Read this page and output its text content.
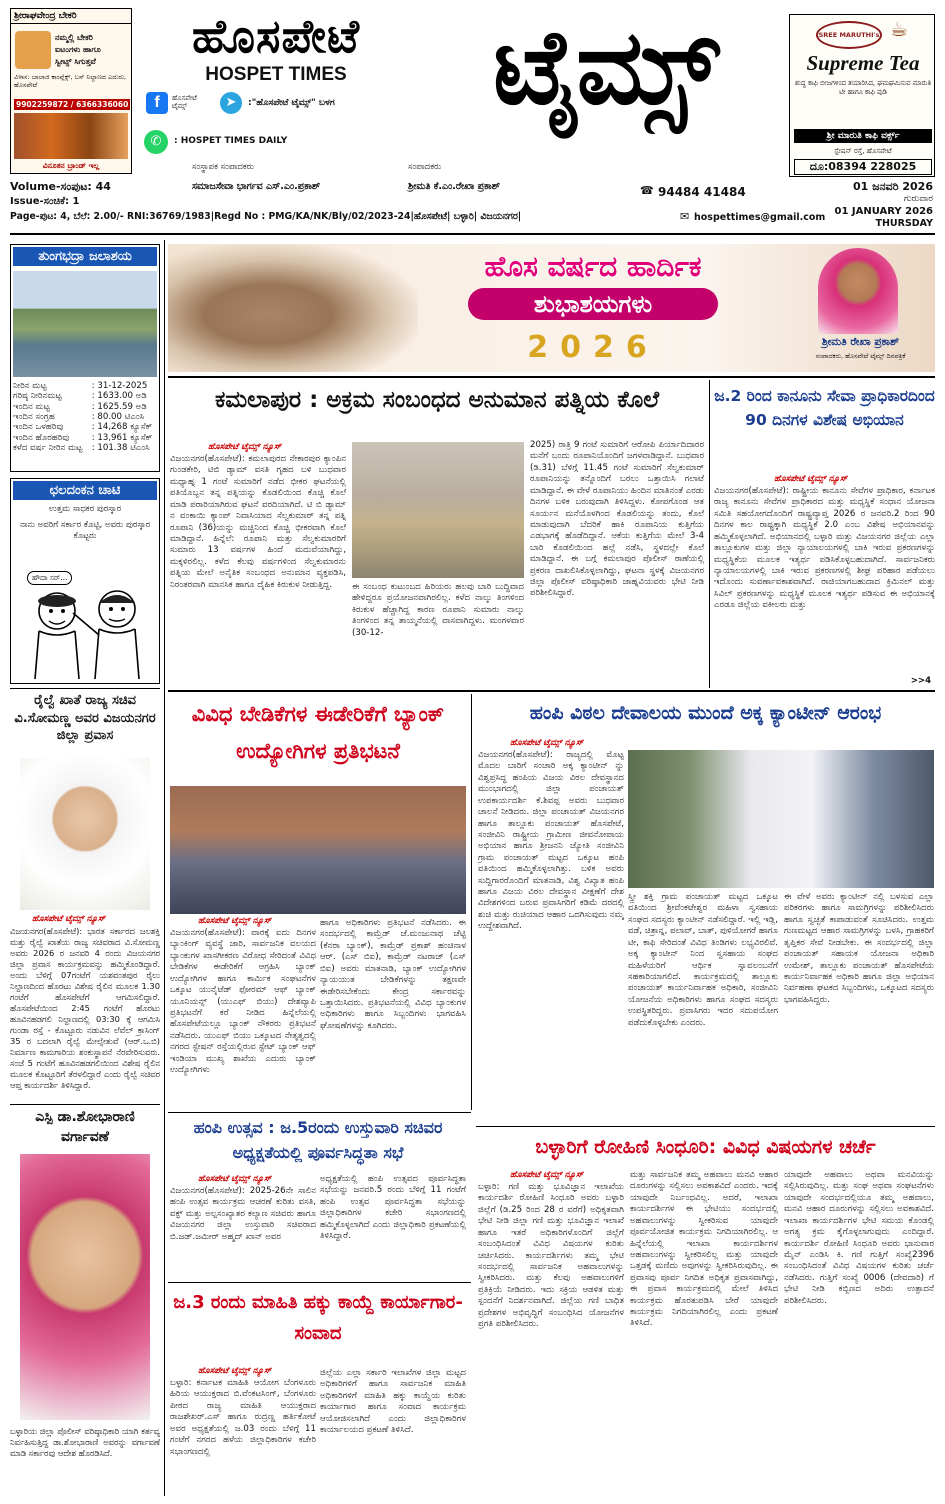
ಶ್ರೀರಾಘವೇಂದ್ರ ಬೇಕರಿ
ನಮ್ಮಲ್ಲಿ ಬೇಕರಿ
ಐಟಂಗಳು ಹಾಗೂ
ಸ್ವೀಟ್ಸ್ ಸಿಗುತ್ತವೆ
ವಿಳಾಸ: ಬಾಲಾಜಿ ಕಾಂಪ್ಲೆಕ್ಸ್, ಬಸ್ ನಿಲ್ದಾಣದ ಎದುರು, ಹೊಸಪೇಟೆ
9902259872 / 6366336060
ವಿನೂತನ ಬ್ರಾಂಡ್ ಇಲ್ಲ
ಹೊಸಪೇಟೆ
HOSPET TIMES	ಟೈಮ್ಸ್
f	ಹೊಸಪೇಟೆ ಟೈಮ್ಸ್	➤	:"ಹೊಸಪೇಟೆ ಟೈಮ್ಸ್" ಬಳಗ
✆	: HOSPET TIMES DAILY
ಸಂಸ್ಥಾಪಕ ಸಂಪಾದಕರು	ಸಂಪಾದಕರು
☕
SREE MARUTHI's
Supreme Tea
ಶುದ್ಧ ಕಾಫಿ ಬೀಜಗಳಿಂದ ತಯಾರಿಸಿದ, ಘಮಘಮಿಸುವ ಮಾರುತಿ ಟೀ ಹಾಗೂ ಕಾಫಿ ಪುಡಿ
ಶ್ರೀ ಮಾರುತಿ ಕಾಫಿ ವರ್ಕ್ಸ್
ಸ್ಟೇಷನ್ ರಸ್ತೆ, ಹೊಸಪೇಟೆ
ದೂ:08394 228025
Volume-ಸಂಪುಟ: 44	ಸಮಾಜಸೇವಾ ಭಾರ್ಗವ ಎಸ್.ಎಂ.ಪ್ರಕಾಶ್	ಶ್ರೀಮತಿ ಕೆ.ಎಂ.ರೇಖಾ ಪ್ರಕಾಶ್	☎ 94484 41484	01 ಜನವರಿ 2026
ಗುರುವಾರ
Issue-ಸಂಚಿಕೆ: 1
01 JANUARY 2026
THURSDAY
Page-ಪುಟ: 4, ಬೆಲೆ: 2.00/- RNI:36769/1983|Regd No : PMG/KA/NK/Bly/02/2023-24|ಹೊಸಪೇಟೆ| ಬಳ್ಳಾರಿ| ವಿಜಯನಗರ|	✉ hospettimes@gmail.com
ತುಂಗಭದ್ರಾ ಜಲಾಶಯ
ನೀರಿನ ಮಟ್ಟ	: 31-12-2025
ಗರಿಷ್ಠ ನೀರಿನಮಟ್ಟ	: 1633.00 ಅಡಿ
ಇಂದಿನ ಮಟ್ಟ	: 1625.59 ಅಡಿ
ಇಂದಿನ ಸಂಗ್ರಹ	: 80.00 ಟಿಎಂಸಿ
ಇಂದಿನ ಒಳಹರಿವು	: 14,268 ಕ್ಯೂಸೆಕ್
ಇಂದಿನ ಹೊರಹರಿವು	: 13,961 ಕ್ಯೂಸೆಕ್
ಕಳೆದ ವರ್ಷ ನೀರಿನ ಮಟ್ಟ	: 101.38 ಟಿಎಂಸಿ
ಛಲದಂಕನ ಚಾಟಿ
ಉತ್ತಮ ಸಾಧಕರ ಪುರಸ್ಕಾರ
ನಾನು ಅವರಿಗೆ ಸರ್ಕಾರ ಕೊಟ್ಟಿ, ಅವರು ಪುರಸ್ಕಾರ ಕೊಟ್ಟರು
ಹೌದಾ ಸರ್...
ರೈಲ್ವೆ ಖಾತೆ ರಾಜ್ಯ ಸಚಿವ ವಿ.ಸೋಮಣ್ಣ ಅವರ ವಿಜಯನಗರ ಜಿಲ್ಲಾ ಪ್ರವಾಸ
ಹೊಸಪೇಟೆ ಟೈಮ್ಸ್ ನ್ಯೂಸ್
ವಿಜಯನಗರ(ಹೊಸಪೇಟೆ): ಭಾರತ ಸರ್ಕಾರದ ಜಲಶಕ್ತಿ ಮತ್ತು ರೈಲ್ವೆ ಖಾತೆಯ ರಾಜ್ಯ ಸಚಿವರಾದ ವಿ.ಸೋಮಣ್ಣ ಅವರು 2026 ರ ಜನವರಿ 4 ರಂದು ವಿಜಯನಗರ ಜಿಲ್ಲಾ ಪ್ರವಾಸ ಕಾರ್ಯಕ್ರಮವನ್ನು ಹಮ್ಮಿಕೊಂಡಿದ್ದಾರೆ. ಅಂದು ಬೆಳಿಗ್ಗೆ 07ಗಂಟೆಗೆ ಯಶವಂತಪುರ ರೈಲು ನಿಲ್ದಾಣದಿಂದ ಹೊರಟು ವಿಶೇಷ ರೈಲಿನ ಮೂಲಕ 1.30 ಗಂಟೆಗೆ ಹೊಸಪೇಟೆಗೆ ಆಗಮಿಸಲಿದ್ದಾರೆ. ಹೊಸಪೇಟೆಯಿಂದ 2:45 ಗಂಟೆಗೆ ಹೊರಟು ಹೂವಿನಹಡಗಲಿ ನಿಲ್ದಾಣದಲ್ಲಿ 03:30 ಕ್ಕೆ ಆಗಮಿಸಿ ಗುಂಡಾ ರಸ್ತೆ - ಕೊಟ್ಟೂರು ನಡುವಿನ ಲೆವೆಲ್ ಕ್ರಾಸಿಂಗ್ 35 ರ ಬದಲಾಗಿ ರೈಲ್ವೆ ಮೇಲ್ಸೇತುವೆ (ಆರ್.ಒ.ಬಿ) ನಿರ್ಮಾಣ ಕಾಮಗಾರಿಯ ಶಂಕುಸ್ಥಾಪನೆ ನೆರವೇರಿಸುವರು. ಸಂಜೆ 5 ಗಂಟೆಗೆ ಹೂವಿನಹಡಗಲಿಯಿಂದ ವಿಶೇಷ ರೈಲಿನ ಮೂಲಕ ಕೊಟ್ಟೂರಿಗೆ ತೆರಳಲಿದ್ದಾರೆ ಎಂದು ರೈಲ್ವೆ ಸಚಿವರ ಆಪ್ತ ಕಾರ್ಯದರ್ಶಿ ತಿಳಿಸಿದ್ದಾರೆ.
ಎಸ್ಪಿ ಡಾ.ಶೋಭಾರಾಣಿ ವರ್ಗಾವಣೆ
ಬಳ್ಳಾರಿಯ ಜಿಲ್ಲಾ ಪೊಲೀಸ್ ವರಿಷ್ಠಾಧಿಕಾರಿ ಯಾಗಿ ಕರ್ತವ್ಯ ನಿರ್ವಹಿಸುತ್ತಿದ್ದ ಡಾ.ಶೋಭಾರಾಣಿ ಅವರನ್ನು ವರ್ಗಾವಣೆ ಮಾಡಿ ಸರ್ಕಾರವು ಆದೇಶ ಹೊರಡಿಸಿದೆ.
ಹೊಸ ವರ್ಷದ ಹಾರ್ದಿಕ
ಶುಭಾಶಯಗಳು
2026	ಶ್ರೀಮತಿ ರೇಖಾ ಪ್ರಕಾಶ್
ಸಂಪಾದಕರು, ಹೊಸಪೇಟೆ ಟೈಮ್ಸ್ ದಿನಪತ್ರಿಕೆ
ಕಮಲಾಪುರ : ಅಕ್ರಮ ಸಂಬಂಧದ ಅನುಮಾನ ಪತ್ನಿಯ ಕೊಲೆ
ಹೊಸಪೇಟೆ ಟೈಮ್ಸ್ ನ್ಯೂಸ್
ವಿಜಯನಗರ(ಹೊಸಪೇಟೆ): ಕಮಲಾಪುರದ ನೇಕಾರಪುರ ಕ್ಯಾಂಪಿನ ಗುಂಡಕೇರಿ, ಟಿಬಿ ಡ್ಯಾಮ್ ವಸತಿ ಗೃಹದ ಬಳಿ ಬುಧವಾರ ಮಧ್ಯಾಹ್ನ 1 ಗಂಟೆ ಸುಮಾರಿಗೆ ನಡೆದ ಭೀಕರ ಘಟನೆಯಲ್ಲಿ ಪತಿಯೊಬ್ಬನ ತನ್ನ ಪತ್ನಿಯನ್ನು ಕೊಡಲಿಯಿಂದ ಕೊಚ್ಚಿ ಕೊಲೆ ಮಾಡಿ ಪರಾರಿಯಾಗಿರುವ ಘಟನೆ ವರದಿಯಾಗಿದೆ. ಟಿ ಬಿ ಡ್ಯಾಮ್ ನ ವಂಕಾಯಿ ಕ್ಯಾಂಪ್ ನಿವಾಸಿಯಾದ ಸೆಲ್ವಕುಮಾರ್ ತನ್ನ ಪತ್ನಿ ರೂಪಾನಿ (36)ಯನ್ನು ಮಚ್ಚಿನಿಂದ ಕೊಚ್ಚಿ ಭೀಕರವಾಗಿ ಕೊಲೆ ಮಾಡಿದ್ದಾನೆ. ಹಿನ್ನೆಲೆ: ರೂಪಾನಿ ಮತ್ತು ಸೆಲ್ವಕುಮಾರರಿಗೆ ಸುಮಾರು 13 ವರ್ಷಗಳ ಹಿಂದೆ ಮದುವೆಯಾಗಿದ್ದು, ಮಕ್ಕಳಿರಲಿಲ್ಲ. ಕಳೆದ ಕೆಲವು ವರ್ಷಗಳಿಂದ ಸೆಲ್ವಕುಮಾರನು ಪತ್ನಿಯ ಮೇಲೆ ಅನೈತಿಕ ಸಂಬಂಧದ ಅನುಮಾನ ವ್ಯಕ್ತಪಡಿಸಿ, ನಿರಂತರವಾಗಿ ಮಾನಸಿಕ ಹಾಗೂ ದೈಹಿಕ ಕಿರುಕುಳ ನೀಡುತ್ತಿದ್ದ.	ಈ ಸಂಬಂಧ ಕುಟುಂಬದ ಹಿರಿಯರು ಹಲವು ಬಾರಿ ಬುದ್ಧಿವಾದ ಹೇಳಿದ್ದರೂ ಪ್ರಯೋಜನವಾಗಿರಲಿಲ್ಲ. ಕಳೆದ ನಾಲ್ಕು ತಿಂಗಳಿಂದ ಕಿರುಕುಳ ಹೆಚ್ಚಾಗಿದ್ದ ಕಾರಣ ರೂಪಾನಿ ಸುಮಾರು ನಾಲ್ಕು ತಿಂಗಳಿಂದ ತನ್ನ ತಾಯ್ಮನೆಯಲ್ಲಿ ವಾಸವಾಗಿದ್ದಳು. ಮಂಗಳವಾರ (30-12-
2025) ರಾತ್ರಿ 9 ಗಂಟೆ ಸುಮಾರಿಗೆ ಆರೋಪಿ ಪಿರ್ಯಾದಿದಾರರ ಮನೆಗೆ ಬಂದು ರೂಪಾನಿಯೊಂದಿಗೆ ಜಗಳವಾಡಿದ್ದಾನೆ. ಬುಧವಾರ (ಡಿ.31) ಬೆಳಿಗ್ಗೆ 11.45 ಗಂಟೆ ಸುಮಾರಿಗೆ ಸೆಲ್ವಕುಮಾರ್ ರೂಪಾನಿಯನ್ನು ತನ್ನೊಂದಿಗೆ ಬರಲು ಒತ್ತಾಯಿಸಿ ಗಲಾಟೆ ಮಾಡಿದ್ದಾನೆ. ಈ ವೇಳೆ ರೂಪಾನಿಯು ಹಿಂದಿನ ಮಾತಿನಂತೆ ಎರಡು ದಿನಗಳ ಬಳಿಕ ಬರುವುದಾಗಿ ತಿಳಿಸಿದ್ದಳು. ಕೋಪಗೊಂಡ ಆತ ಸೂರ್ಯನ ಮನೆಯೊಳಗಿಂದ ಕೊಡಲಿಯನ್ನು ತಂದು, ಕೊಲೆ ಮಾಡುವುದಾಗಿ ಬೆದರಿಕೆ ಹಾಕಿ ರೂಪಾನಿಯ ಕುತ್ತಿಗೆಯ ಎಡಭಾಗಕ್ಕೆ ಹೊಡೆದಿದ್ದಾನೆ. ಆಕೆಯ ಕುತ್ತಿಗೆಯ ಮೇಲೆ 3-4 ಬಾರಿ ಕೊಡಲಿಯಿಂದ ಹಲ್ಲೆ ನಡೆಸಿ, ಸ್ಥಳದಲ್ಲೇ ಕೊಲೆ ಮಾಡಿದ್ದಾನೆ. ಈ ಬಗ್ಗೆ ಕಮಲಾಪುರ ಪೊಲೀಸ್ ಠಾಣೆಯಲ್ಲಿ ಪ್ರಕರಣ ದಾಖಲಿಸಿಕೊಳ್ಳಲಾಗಿದ್ದು, ಘಟನಾ ಸ್ಥಳಕ್ಕೆ ವಿಜಯನಗರ ಜಿಲ್ಲಾ ಪೊಲೀಸ್ ವರಿಷ್ಠಾಧಿಕಾರಿ ಜಾಹ್ನವಿಯವರು ಭೇಟಿ ನೀಡಿ ಪರಿಶೀಲಿಸಿದ್ದಾರೆ.
ಜ.2 ರಿಂದ ಕಾನೂನು ಸೇವಾ ಪ್ರಾಧಿಕಾರದಿಂದ 90 ದಿನಗಳ ವಿಶೇಷ ಅಭಿಯಾನ
ಹೊಸಪೇಟೆ ಟೈಮ್ಸ್ ನ್ಯೂಸ್
ವಿಜಯನಗರ(ಹೊಸಪೇಟೆ): ರಾಷ್ಟ್ರೀಯ ಕಾನೂನು ಸೇವೆಗಳ ಪ್ರಾಧಿಕಾರ, ಕರ್ನಾಟಕ ರಾಜ್ಯ ಕಾನೂನು ಸೇವೆಗಳ ಪ್ರಾಧಿಕಾರದ ಮತ್ತು ಮಧ್ಯಸ್ಥಿಕೆ ಸಂಧಾನ ಯೋಜನಾ ಸಮಿತಿ ಸಹಯೋಗದೊಂದಿಗೆ ರಾಷ್ಟ್ರವ್ಯಾಪ್ತ 2026 ರ ಜನವರಿ.2 ರಿಂದ 90 ದಿನಗಳ ಕಾಲ ರಾಷ್ಟ್ರಕ್ಕಾಗಿ ಮಧ್ಯಸ್ಥಿಕೆ 2.0 ಎಂಬ ವಿಶೇಷ ಅಭಿಯಾನವನ್ನು ಹಮ್ಮಿಕೊಳ್ಳಲಾಗಿದೆ. ಅಭಿಯಾನದಲ್ಲಿ ಬಳ್ಳಾರಿ ಮತ್ತು ವಿಜಯನಗರ ಜಿಲ್ಲೆಯ ಎಲ್ಲಾ ತಾಲ್ಲೂಕುಗಳ ಮತ್ತು ಜಿಲ್ಲಾ ನ್ಯಾಯಾಲಯಗಳಲ್ಲಿ ಬಾಕಿ ಇರುವ ಪ್ರಕರಣಗಳನ್ನು ಮಧ್ಯಸ್ಥಿಕೆಯ ಮೂಲಕ ಇತ್ಯರ್ಥ ಪಡಿಸಿಕೊಳ್ಳಬಹುದಾಗಿದೆ. ಸಾರ್ವಜನಿಕರು ನ್ಯಾಯಾಲಯಗಳಲ್ಲಿ ಬಾಕಿ ಇರುವ ಪ್ರಕರಣಗಳಲ್ಲಿ ಶೀಘ್ರ ಪರಿಹಾರ ಪಡೆಯಲು ಇದೊಂದು ಸುವರ್ಣಾವಕಾಶವಾಗಿದೆ. ರಾಜಿಯಾಗಬಹುದಾದ ಕ್ರಿಮಿನಲ್ ಮತ್ತು ಸಿವಿಲ್ ಪ್ರಕರಣಗಳನ್ನು ಮಧ್ಯಸ್ಥಿಕೆ ಮೂಲಕ ಇತ್ಯರ್ಥ ಪಡಿಸುವ ಈ ಅಭಿಯಾನಕ್ಕೆ ಎರಡೂ ಜಿಲ್ಲೆಯ ವಕೀಲರು ಮತ್ತು
>>4
ವಿವಿಧ ಬೇಡಿಕೆಗಳ ಈಡೇರಿಕೆಗೆ ಬ್ಯಾಂಕ್ ಉದ್ಯೋಗಿಗಳ ಪ್ರತಿಭಟನೆ
ಹೊಸಪೇಟೆ ಟೈಮ್ಸ್ ನ್ಯೂಸ್
ವಿಜಯನಗರ(ಹೊಸಪೇಟೆ): ವಾರಕ್ಕೆ ಐದು ದಿನಗಳ ಬ್ಯಾಂಕಿಂಗ್ ವ್ಯವಸ್ಥೆ ಜಾರಿ, ಸಾರ್ವಜನಿಕ ವಲಯದ ಬ್ಯಾಂಕುಗಳ ಖಾಸಗೀಕರಣ ವಿರೋಧ ಸೇರಿದಂತೆ ವಿವಿಧ ಬೇಡಿಕೆಗಳ ಈಡೇರಿಕೆಗೆ ಆಗ್ರಹಿಸಿ ಬ್ಯಾಂಕ್ ಉದ್ಯೋಗಿಗಳ ಹಾಗೂ ಕಾರ್ಮಿಕ ಸಂಘಟನೆಗಳ ಒಕ್ಕೂಟ ಯುನೈಟೆಡ್ ಫೋರಮ್ ಆಫ್ ಬ್ಯಾಂಕ್ ಯೂನಿಯನ್ಸ್ (ಯುಎಫ್ ಬಿಯು) ದೇಶವ್ಯಾಪಿ ಪ್ರತಿಭಟನೆಗೆ ಕರೆ ನೀಡಿದ ಹಿನ್ನೆಲೆಯಲ್ಲಿ ಹೊಸಪೇಟೆಯಲ್ಲೂ ಬ್ಯಾಂಕ್ ನೌಕರರು ಪ್ರತಿಭಟನೆ ನಡೆಸಿದರು. ಯುಎಫ್ ಬಿಯು ಒಕ್ಕೂಟದ ನೇತೃತ್ವದಲ್ಲಿ ನಗರದ ಸ್ಟೇಷನ್ ರಸ್ತೆಯಲ್ಲಿರುವ ಸ್ಟೇಟ್ ಬ್ಯಾಂಕ್ ಆಫ್ ಇಂಡಿಯಾ ಮುಖ್ಯ ಶಾಖೆಯ ಎದುರು ಬ್ಯಾಂಕ್ ಉದ್ಯೋಗಿಗಳು
ಹಾಗೂ ಅಧಿಕಾರಿಗಳು ಪ್ರತಿಭಟನೆ ನಡೆಸಿದರು. ಈ ಸಂದರ್ಭದಲ್ಲಿ ಕಾಮ್ರೆಡ್ ಜೆ.ಮಂಜುನಾಥ ಚೆಟ್ಟಿ (ಕೆನರಾ ಬ್ಯಾಂಕ್), ಕಾಮ್ರೆಡ್ ಪ್ರಕಾಶ್ ಹಂಚಿನಾಳ ಆರ್. (ಎಸ್ ಬಿಐ), ಕಾಮ್ರೆಡ್ ನಟರಾಜ್ (ಎಸ್ ಬಿಐ) ಅವರು ಮಾತನಾಡಿ, ಬ್ಯಾಂಕ್ ಉದ್ಯೋಗಿಗಳ ನ್ಯಾಯಯುತ ಬೇಡಿಕೆಗಳನ್ನು ತಕ್ಷಣವೇ ಈಡೇರಿಸಬೇಕೆಂದು ಕೇಂದ್ರ ಸರ್ಕಾರವನ್ನು ಒತ್ತಾಯಿಸಿದರು. ಪ್ರತಿಭಟನೆಯಲ್ಲಿ ವಿವಿಧ ಬ್ಯಾಂಕುಗಳ ಅಧಿಕಾರಿಗಳು ಹಾಗೂ ಸಿಬ್ಬಂದಿಗಳು ಭಾಗವಹಿಸಿ ಘೋಷಣೆಗಳನ್ನು ಕೂಗಿದರು.
ಹಂಪಿ ವಿಠಲ ದೇವಾಲಯ ಮುಂದೆ ಅಕ್ಕ ಕ್ಯಾಂಟೀನ್ ಆರಂಭ
ಹೊಸಪೇಟೆ ಟೈಮ್ಸ್ ನ್ಯೂಸ್
ವಿಜಯನಗರ(ಹೊಸಪೇಟೆ): ರಾಜ್ಯದಲ್ಲಿ ಮೊಟ್ಟ ಮೊದಲ ಬಾರಿಗೆ ಸಂಚಾರಿ ಅಕ್ಕ ಕ್ಯಾಂಟೀನ್ ನ್ನು ವಿಶ್ವಪ್ರಸಿದ್ಧ ಹಂಪಿಯ ವಿಜಯ ವಿಠಲ ದೇವಸ್ಥಾನದ ಮುಂಭಾಗದಲ್ಲಿ ಜಿಲ್ಲಾ ಪಂಚಾಯತ್ ಉಪಕಾರ್ಯದರ್ಶಿ ಕೆ.ಶಿವಪ್ಪ ಅವರು ಬುಧವಾರ ಚಾಲನೆ ನೀಡಿದರು. ಜಿಲ್ಲಾ ಪಂಚಾಯತ್ ವಿಜಯನಗರ ಹಾಗೂ ತಾಲ್ಲೂಕು ಪಂಚಾಯತ್ ಹೊಸಪೇಟೆ, ಸಂಜೀವಿನಿ ರಾಷ್ಟ್ರೀಯ ಗ್ರಾಮೀಣ ಜೀವನೋಪಾಯ ಅಭಿಯಾನ ಹಾಗೂ ಶ್ರೀಜನನಿ ಜ್ಯೋತಿ ಸಂಜೀವಿನಿ ಗ್ರಾಮ ಪಂಚಾಯತ್ ಮಟ್ಟದ ಒಕ್ಕೂಟ ಹಂಪಿ ವತಿಯಿಂದ ಹಮ್ಮಿಕೊಳ್ಳಲಾಗಿತ್ತು. ಬಳಿಕ ಅವರು ಸುದ್ದಿಗಾರರೊಂದಿಗೆ ಮಾತನಾಡಿ, ವಿಶ್ವ ವಿಖ್ಯಾತ ಹಂಪಿ ಹಾಗೂ ವಿಜಯ ವಿಠಲ ದೇವಸ್ಥಾನ ವೀಕ್ಷಣೆಗೆ ದೇಶ ವಿದೇಶಗಳಿಂದ ಬರುವ ಪ್ರವಾಸಿಗರಿಗೆ ಕಡಿಮೆ ದರದಲ್ಲಿ ಶುಚಿ ಮತ್ತು ರುಚಿಯಾದ ಆಹಾರ ಒದಗಿಸುವುದು ನಮ್ಮ ಉದ್ದೇಶವಾಗಿದೆ.
ಸ್ತ್ರೀ ಶಕ್ತಿ ಗ್ರಾಮ ಪಂಚಾಯತ್ ಮಟ್ಟದ ಒಕ್ಕೂಟ ವತಿಯಿಂದ ಶ್ರೀವೆಂಕಟೇಶ್ವರ ಮಹಿಳಾ ಸ್ವಸಹಾಯ ಸಂಘದ ಸದಸ್ಯರು ಕ್ಯಾಂಟೀನ್ ನಡೆಸಲಿದ್ದಾರೆ. ಇಲ್ಲಿ ಇಡ್ಲಿ, ವಡೆ, ಚಿತ್ರಾನ್ನ, ಪಲಾವ್, ಬಾತ್, ಪುಳಿಯೋಗರೆ ಹಾಗೂ ಟೀ, ಕಾಫಿ ಸೇರಿದಂತೆ ವಿವಿಧ ತಿಂಡಿಗಳು ಲಭ್ಯವಿರಲಿವೆ. ಅಕ್ಕ ಕ್ಯಾಂಟೀನ್ ನಿಂದ ಸ್ವಸಹಾಯ ಸಂಘದ ಮಹಿಳೆಯರಿಗೆ ಆರ್ಥಿಕ ಸ್ವಾವಲಂಬನೆಗೆ ಸಹಕಾರಿಯಾಗಲಿದೆ. ಕಾರ್ಯಕ್ರಮದಲ್ಲಿ ತಾಲ್ಲೂಕು ಪಂಚಾಯತ್ ಕಾರ್ಯನಿರ್ವಾಹಕ ಅಧಿಕಾರಿ, ಸಂಜೀವಿನಿ ಯೋಜನೆಯ ಅಧಿಕಾರಿಗಳು ಹಾಗೂ ಸಂಘದ ಸದಸ್ಯರು ಉಪಸ್ಥಿತರಿದ್ದರು. ಪ್ರವಾಸಿಗರು ಇದರ ಸದುಪಯೋಗ ಪಡೆದುಕೊಳ್ಳಬೇಕು ಎಂದರು.
ಈ ವೇಳೆ ಅವರು ಕ್ಯಾಂಟೀನ್ ನಲ್ಲಿ ಬಳಸುವ ಎಲ್ಲಾ ಪರಿಕರಗಳು ಹಾಗೂ ಸಾಮಗ್ರಿಗಳನ್ನು ಪರಿಶೀಲಿಸಿದರು ಹಾಗೂ ಸ್ವಚ್ಛತೆ ಕಾಪಾಡುವಂತೆ ಸೂಚಿಸಿದರು. ಉತ್ತಮ ಗುಣಮಟ್ಟದ ಆಹಾರ ಸಾಮಗ್ರಿಗಳನ್ನು ಬಳಸಿ, ಗ್ರಾಹಕರಿಗೆ ತೃಪ್ತಿಕರ ಸೇವೆ ನೀಡಬೇಕು. ಈ ಸಂದರ್ಭದಲ್ಲಿ ಜಿಲ್ಲಾ ಪಂಚಾಯತ್ ಸಹಾಯಕ ಯೋಜನಾ ಅಧಿಕಾರಿ ಉಮೇಶ್, ತಾಲ್ಲೂಕು ಪಂಚಾಯತ್ ಹೊಸಪೇಟೆಯ ಕಾರ್ಯನಿರ್ವಾಹಕ ಅಧಿಕಾರಿ ಹಾಗೂ ಜಿಲ್ಲಾ ಅಭಿಯಾನ ನಿರ್ವಹಣಾ ಘಟಕದ ಸಿಬ್ಬಂದಿಗಳು, ಒಕ್ಕೂಟದ ಸದಸ್ಯರು ಭಾಗವಹಿಸಿದ್ದರು.
ಹಂಪಿ ಉತ್ಸವ : ಜ.5ರಂದು ಉಸ್ತುವಾರಿ ಸಚಿವರ ಅಧ್ಯಕ್ಷತೆಯಲ್ಲಿ ಪೂರ್ವಸಿದ್ಧತಾ ಸಭೆ
ಹೊಸಪೇಟೆ ಟೈಮ್ಸ್ ನ್ಯೂಸ್
ವಿಜಯನಗರ(ಹೊಸಪೇಟೆ): 2025-26ನೇ ಸಾಲಿನ ಹಂಪಿ ಉತ್ಸವ ಕಾರ್ಯಕ್ರಮ ಆಚರಣೆ ಕುರಿತು ವಸತಿ, ವಕ್ಫ್ ಮತ್ತು ಅಲ್ಪಸಂಖ್ಯಾತರ ಕಲ್ಯಾಣ ಸಚಿವರು ಹಾಗೂ ವಿಜಯನಗರ ಜಿಲ್ಲಾ ಉಸ್ತುವಾರಿ ಸಚಿವರಾದ ಬಿ.ಜಡ್.ಜಮೀರ್ ಅಹ್ಮದ್ ಖಾನ್ ಅವರ
ಅಧ್ಯಕ್ಷತೆಯಲ್ಲಿ ಹಂಪಿ ಉತ್ಸವದ ಪೂರ್ವಸಿದ್ಧತಾ ಸಭೆಯನ್ನು ಜನವರಿ.5 ರಂದು ಬೆಳಿಗ್ಗೆ 11 ಗಂಟೆಗೆ ಹಂಪಿ ಉತ್ಸವ ಪೂರ್ವಸಿದ್ಧತಾ ಸಭೆಯನ್ನು ಜಿಲ್ಲಾಧಿಕಾರಿಗಳ ಕಚೇರಿ ಸಭಾಂಗಣದಲ್ಲಿ ಹಮ್ಮಿಕೊಳ್ಳಲಾಗಿದೆ ಎಂದು ಜಿಲ್ಲಾಧಿಕಾರಿ ಪ್ರಕಟಣೆಯಲ್ಲಿ ತಿಳಿಸಿದ್ದಾರೆ.
ಜ.3 ರಂದು ಮಾಹಿತಿ ಹಕ್ಕು ಕಾಯ್ದೆ ಕಾರ್ಯಾಗಾರ-ಸಂವಾದ
ಹೊಸಪೇಟೆ ಟೈಮ್ಸ್ ನ್ಯೂಸ್
ಬಳ್ಳಾರಿ: ಕರ್ನಾಟಕ ಮಾಹಿತಿ ಆಯೋಗ ಬೆಂಗಳೂರು ಹಿರಿಯ ಆಯುಕ್ತರಾದ ಬಿ.ವೆಂಕಟಸಿಂಗ್, ಬೆಂಗಳೂರು ಪೀಠದ ರಾಜ್ಯ ಮಾಹಿತಿ ಆಯುಕ್ತರಾದ ರಾಜಶೇಖರ್.ಎಸ್ ಹಾಗೂ ರುದ್ರಣ್ಣ ಹರ್ತಿಕೋಟೆ ಅವರ ಅಧ್ಯಕ್ಷತೆಯಲ್ಲಿ ಜ.03 ರಂದು ಬೆಳಿಗ್ಗೆ 11 ಗಂಟೆಗೆ ನಗರದ ಹಳೆಯ ಜಿಲ್ಲಾಧಿಕಾರಿಗಳ ಕಚೇರಿ ಸಭಾಂಗಣದಲ್ಲಿ
ಜಿಲ್ಲೆಯ ಎಲ್ಲಾ ಸರ್ಕಾರಿ ಇಲಾಖೆಗಳ ಜಿಲ್ಲಾ ಮಟ್ಟದ ಅಧಿಕಾರಿಗಳಿಗೆ ಹಾಗೂ ಸಾರ್ವಜನಿಕ ಮಾಹಿತಿ ಅಧಿಕಾರಿಗಳಿಗೆ ಮಾಹಿತಿ ಹಕ್ಕು ಕಾಯ್ದೆಯ ಕುರಿತು ಕಾರ್ಯಾಗಾರ ಹಾಗೂ ಸಂವಾದ ಕಾರ್ಯಕ್ರಮ ಆಯೋಜಿಸಲಾಗಿದೆ ಎಂದು ಜಿಲ್ಲಾಧಿಕಾರಿಗಳ ಕಾರ್ಯಾಲಯದ ಪ್ರಕಟಣೆ ತಿಳಿಸಿದೆ.
ಬಳ್ಳಾರಿಗೆ ರೋಹಿಣಿ ಸಿಂಧೂರಿ: ವಿವಿಧ ವಿಷಯಗಳ ಚರ್ಚೆ
ಹೊಸಪೇಟೆ ಟೈಮ್ಸ್ ನ್ಯೂಸ್
ಬಳ್ಳಾರಿ: ಗಣಿ ಮತ್ತು ಭೂವಿಜ್ಞಾನ ಇಲಾಖೆಯ ಕಾರ್ಯದರ್ಶಿ ರೋಹಿಣಿ ಸಿಂಧೂರಿ ಅವರು ಬಳ್ಳಾರಿ ಜಿಲ್ಲೆಗೆ (ಡಿ.25 ರಿಂದ 28 ರ ವರೆಗೆ) ಅಧಿಕೃತವಾಗಿ ಭೇಟಿ ನೀಡಿ ಜಿಲ್ಲಾ ಗಣಿ ಮತ್ತು ಭೂವಿಜ್ಞಾನ ಇಲಾಖೆ ಹಾಗೂ ಇತರೆ ಅಧಿಕಾರಿಗಳೊಂದಿಗೆ ಜಿಲ್ಲೆಗೆ ಸಂಬಂಧಿಸಿದಂತೆ ವಿವಿಧ ವಿಷಯಗಳ ಕುರಿತು ಚರ್ಚಿಸಿದರು. ಕಾರ್ಯದರ್ಶಿಗಳು ತಮ್ಮ ಭೇಟಿ ಸಂದರ್ಭದಲ್ಲಿ ಸಾರ್ವಜನಿಕ ಅಹವಾಲುಗಳನ್ನು ಸ್ವೀಕರಿಸಿದರು. ಮತ್ತು ಕೆಲವು ಅಹವಾಲುಗಳಿಗೆ ಪ್ರತಿಕ್ರಿಯೆ ನೀಡಿದರು. ಇದು ಸಕ್ರಿಯ ಆಡಳಿತ ಮತ್ತು ಸ್ಪಂದನೆಗೆ ನಿದರ್ಶನವಾಗಿದೆ. ಜಿಲ್ಲೆಯ ಗಣಿ ಬಾಧಿತ ಪ್ರದೇಶಗಳ ಅಭಿವೃದ್ಧಿಗೆ ಸಂಬಂಧಿಸಿದ ಯೋಜನೆಗಳ ಪ್ರಗತಿ ಪರಿಶೀಲಿಸಿದರು.
ಮತ್ತು ಸಾರ್ವಜನಿಕ ತಮ್ಮ ಅಹವಾಲು ಮನವಿ ಆಹಾರ ದೂರುಗಳನ್ನು ಸಲ್ಲಿಸಲು ಅವಕಾಶವಿದೆ ಎಂದರು. ಇದಕ್ಕೆ ಯಾವುದೇ ನಿರ್ಬಂಧವಿಲ್ಲ. ಅದರೆ, ಇಲಾಖಾ ಕಾರ್ಯದರ್ಶಿಗಳ ಈ ಭೇಟಿಯು ಸಂದರ್ಭದಲ್ಲಿ ಅಹವಾಲುಗಳನ್ನು ಸ್ವೀಕರಿಸುವ ಯಾವುದೇ ಪೂರ್ವಯೋಜಿತ ಕಾರ್ಯಕ್ರಮ ನಿಗದಿಯಾಗಿರಲಿಲ್ಲ. ಆ ಹಿನ್ನೆಲೆಯಲ್ಲಿ ಇಲಾಖಾ ಕಾರ್ಯದರ್ಶಿಗಳ ಅಹವಾಲುಗಳನ್ನು ಸ್ವೀಕರಿಸಲಿಲ್ಲ ಮತ್ತು ಯಾವುದೇ ಒತ್ತಡಕ್ಕೆ ಮಣಿದು ಅವುಗಳನ್ನು ಸ್ವೀಕರಿಸಿರುವುದಿಲ್ಲ. ಈ ಪ್ರವಾಸವು ಪೂರ್ವ ನಿಗದಿತ ಅಧಿಕೃತ ಪ್ರವಾಸವಾಗಿದ್ದು, ಈ ಪ್ರವಾಸ ಕಾರ್ಯಕ್ರಮದಲ್ಲಿ ಮೇಲೆ ತಿಳಿಸಿದ ಕಾರ್ಯಕ್ರಮ ಹೊರತುಪಡಿಸಿ ಬೇರೆ ಯಾವುದೇ ಕಾರ್ಯಕ್ರಮ ನಿಗದಿಯಾಗಿರಲಿಲ್ಲ ಎಂದು ಪ್ರಕಟಣೆ ತಿಳಿಸಿದೆ.
ಯಾವುದೇ ಅಹವಾಲು ಅಥವಾ ಮನವಿಯನ್ನು ಸಲ್ಲಿಸಿರುವುದಿಲ್ಲ. ಮತ್ತು ಸಂಘ ಅಥವಾ ಸಂಘಟನೆಗಳು ಯಾವುದೇ ಸಂದರ್ಭದಲ್ಲಿಯೂ ತಮ್ಮ ಅಹವಾಲು, ಮನವಿ ಆಹಾರ ದೂರುಗಳನ್ನು ಸಲ್ಲಿಸಲು ಅವಕಾಶವಿದೆ. ಇಲಾಖಾ ಕಾರ್ಯದರ್ಶಿಗಳ ಭೇಟಿ ಸಮಯ ಕೊಂಡಲ್ಲಿ ಅಗತ್ಯ ಕ್ರಮ ಕೈಗೊಳ್ಳಲಾಗುವುದು ಎಂದಿದ್ದಾರೆ. ಕಾರ್ಯದರ್ಶಿ ರೋಹಿಣಿ ಸಿಂಧೂರಿ ಅವರು ಭಾನುವಾರ ಮೈನ್ ಎಂಡಿಸಿ ಕಿ. ಗಣಿ ಗುತ್ತಿಗೆ ಸಂಖ್ಯೆ2396 ಸಂಬಂಧಿಸಿದಂತೆ ವಿವಿಧ ವಿಷಯಗಳ ಕುರಿತು ಚರ್ಚೆ ನಡೆಸಿದರು. ಗುತ್ತಿಗೆ ಸಂಖ್ಯೆ 0006 (ದೇವದಾರಿ) ಗೆ ಭೇಟಿ ನೀಡಿ ಕಬ್ಬಿಣದ ಅದಿರು ಉತ್ಪಾದನೆ ಪರಿಶೀಲಿಸಿದರು.
